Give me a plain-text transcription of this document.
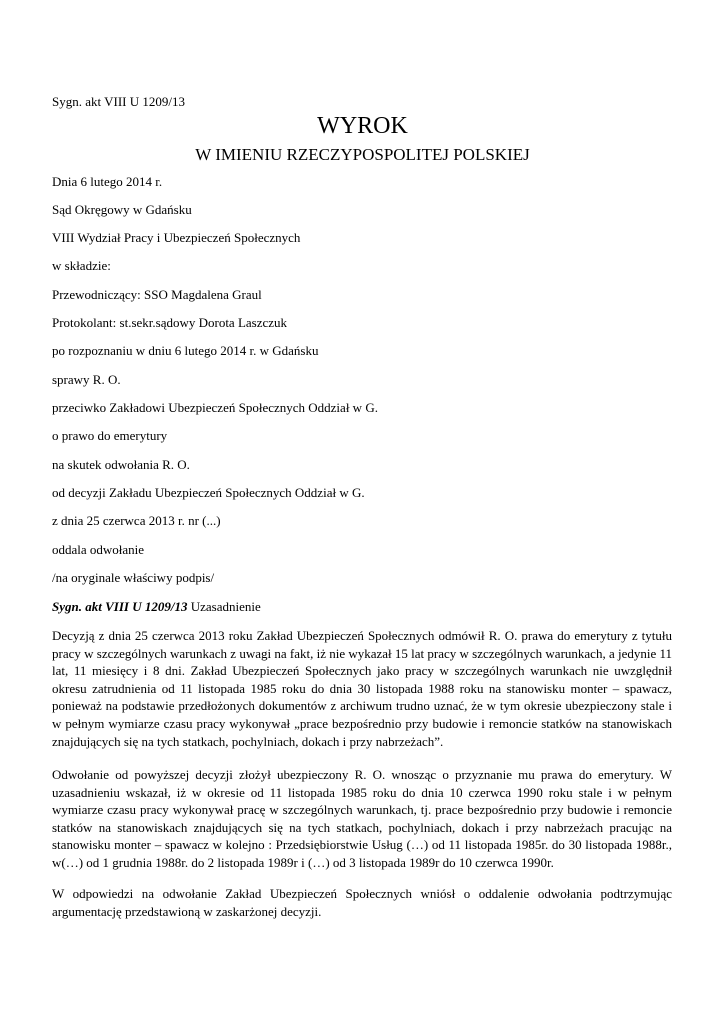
Sygn. akt VIII U 1209/13
WYROK
W IMIENIU RZECZYPOSPOLITEJ POLSKIEJ
Dnia 6 lutego 2014 r.
Sąd Okręgowy w Gdańsku
VIII Wydział Pracy i Ubezpieczeń Społecznych
w składzie:
Przewodniczący: SSO Magdalena Graul
Protokolant: st.sekr.sądowy Dorota Laszczuk
po rozpoznaniu w dniu 6 lutego 2014 r. w Gdańsku
sprawy R. O.
przeciwko Zakładowi Ubezpieczeń Społecznych Oddział w G.
o prawo do emerytury
na skutek odwołania R. O.
od decyzji Zakładu Ubezpieczeń Społecznych Oddział w G.
z dnia 25 czerwca 2013 r. nr (...)
oddala odwołanie
/na oryginale właściwy podpis/
Sygn. akt VIII U 1209/13 Uzasadnienie

Decyzją z dnia 25 czerwca 2013 roku Zakład Ubezpieczeń Społecznych odmówił R. O. prawa do emerytury z tytułu pracy w szczególnych warunkach z uwagi na fakt, iż nie wykazał 15 lat pracy w szczególnych warunkach, a jedynie 11 lat, 11 miesięcy i 8 dni. Zakład Ubezpieczeń Społecznych jako pracy w szczególnych warunkach nie uwzględnił okresu zatrudnienia od 11 listopada 1985 roku do dnia 30 listopada 1988 roku na stanowisku monter – spawacz, ponieważ na podstawie przedłożonych dokumentów z archiwum trudno uznać, że w tym okresie ubezpieczony stale i w pełnym wymiarze czasu pracy wykonywał „prace bezpośrednio przy budowie i remoncie statków na stanowiskach znajdujących się na tych statkach, pochylniach, dokach i przy nabrzeżach”.

Odwołanie od powyższej decyzji złożył ubezpieczony R. O. wnosząc o przyznanie mu prawa do emerytury. W uzasadnieniu wskazał, iż w okresie od 11 listopada 1985 roku do dnia 10 czerwca 1990 roku stale i w pełnym wymiarze czasu pracy wykonywał pracę w szczególnych warunkach, tj. prace bezpośrednio przy budowie i remoncie statków na stanowiskach znajdujących się na tych statkach, pochylniach, dokach i przy nabrzeżach pracując na stanowisku monter – spawacz w kolejno : Przedsiębiorstwie Usług (…) od 11 listopada 1985r. do 30 listopada 1988r., w(…) od 1 grudnia 1988r. do 2 listopada 1989r i (…) od 3 listopada 1989r do 10 czerwca 1990r.

W odpowiedzi na odwołanie Zakład Ubezpieczeń Społecznych wniósł o oddalenie odwołania podtrzymując argumentację przedstawioną w zaskarżonej decyzji.
